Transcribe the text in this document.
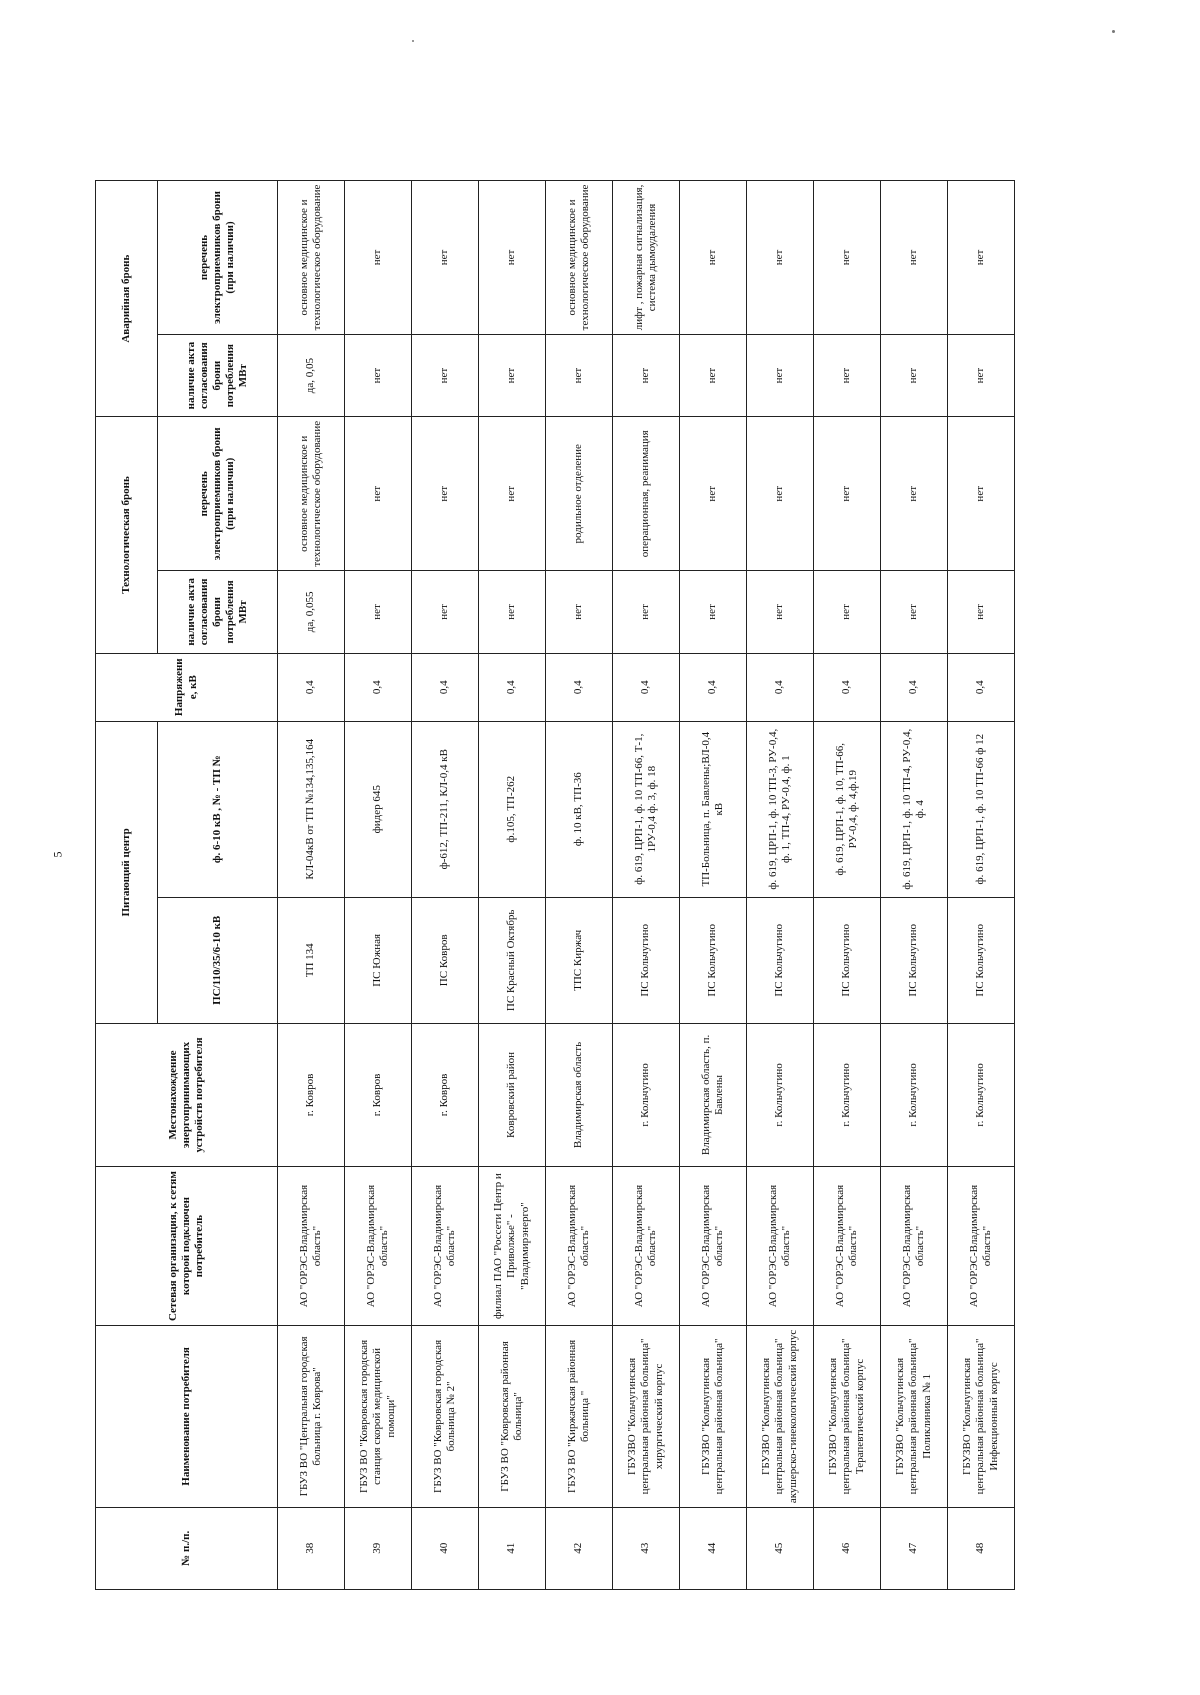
5
№ п./п.	Наименование потребителя	Сетевая организация, к сетям которой подключен потребитель	Местонахождение энергопринимающих устройств потребителя	Питающий центр		Напряжение, кВ	Технологическая бронь		Аварийная бронь	
				ПС/110/35/6-10 кВ	ф. 6-10 кВ , № - ТП №		наличие акта согласования брони потребления МВт	перечень электроприемников брони (при наличии)	наличие акта согласования брони потребления МВт	перечень электроприемников брони (при наличии)
38	ГБУЗ ВО "Центральная городская больница г. Коврова"	АО "ОРЭС-Владимирская область"	г. Ковров	ТП 134	КЛ-04кВ от ТП №134,135,164	0,4	да, 0,055	основное медицинское и технологическое оборудование	да, 0,05	основное медицинское и технологическое оборудование
39	ГБУЗ ВО "Ковровская городская станция скорой медицинской помощи"	АО "ОРЭС-Владимирская область"	г. Ковров	ПС Южная	фидер 645	0,4	нет	нет	нет	нет
40	ГБУЗ ВО "Ковровская городская больница № 2"	АО "ОРЭС-Владимирская область"	г. Ковров	ПС Ковров	ф-612, ТП-211, КЛ-0,4 кВ	0,4	нет	нет	нет	нет
41	ГБУЗ ВО "Ковровская районная больница"	филиал ПАО "Россети Центр и Приволжье" - "Владимирэнерго"	Ковровский район	ПС Красный Октябрь	ф.105, ТП-262	0,4	нет	нет	нет	нет
42	ГБУЗ ВО "Киржачская районная больница "	АО "ОРЭС-Владимирская область"	Владимирская область	ТПС Киржач	ф. 10 кВ, ТП-36	0,4	нет	родильное отделение	нет	основное медицинское и технологическое оборудование
43	ГБУЗВО "Кольчугинская центральная районная больница" хирургический корпус	АО "ОРЭС-Владимирская область"	г. Кольчугино	ПС Кольчугино	ф. 619, ЦРП-1, ф. 10 ТП-66, Т-1, 1РУ-0,4 ф. 3, ф. 18	0,4	нет	операционная, реанимация	нет	лифт , пожарная сигнализация, система дымоудаления
44	ГБУЗВО "Кольчугинская центральная районная больница"	АО "ОРЭС-Владимирская область"	Владимирская область, п. Бавлены	ПС Кольчугино	ТП-Больница, п. Бавлены;ВЛ-0,4 кВ	0,4	нет	нет	нет	нет
45	ГБУЗВО "Кольчугинская центральная районная больница" акушерско-гинекологический корпус	АО "ОРЭС-Владимирская область"	г. Кольчугино	ПС Кольчугино	ф. 619, ЦРП-1, ф. 10 ТП-3, РУ-0,4, ф. 1, ТП-4, РУ-0,4, ф. 1	0,4	нет	нет	нет	нет
46	ГБУЗВО "Кольчугинская центральная районная больница" Терапевтический корпус	АО "ОРЭС-Владимирская область"	г. Кольчугино	ПС Кольчугино	ф. 619, ЦРП-1, ф. 10, ТП-66, РУ-0,4, ф. 4,ф.19	0,4	нет	нет	нет	нет
47	ГБУЗВО "Кольчугинская центральная районная больница" Поликлиника № 1	АО "ОРЭС-Владимирская область"	г. Кольчугино	ПС Кольчугино	ф. 619, ЦРП-1, ф. 10 ТП-4, РУ-0,4, ф. 4	0,4	нет	нет	нет	нет
48	ГБУЗВО "Кольчугинская центральная районная больница" Инфекционный корпус	АО "ОРЭС-Владимирская область"	г. Кольчугино	ПС Кольчугино	ф. 619, ЦРП-1, ф. 10 ТП-66 ф 12	0,4	нет	нет	нет	нет
